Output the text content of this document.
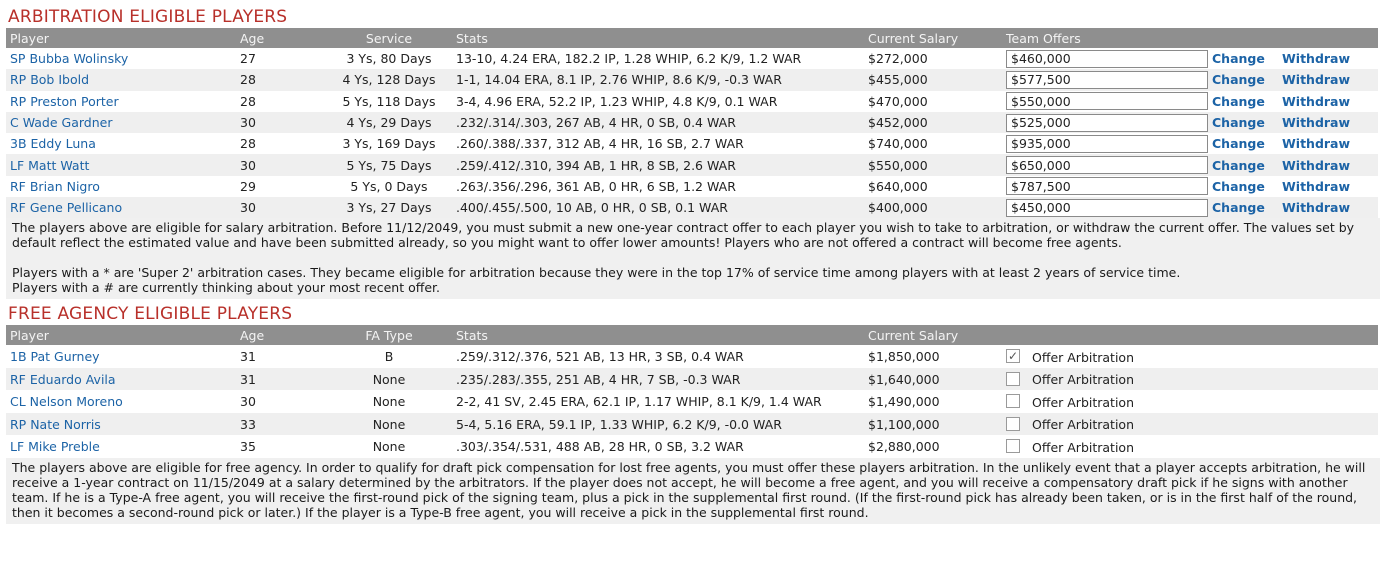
ARBITRATION ELIGIBLE PLAYERS
Player	Age	Service	Stats	Current Salary	Team Offers		
SP Bubba Wolinsky	27	3 Ys, 80 Days	13-10, 4.24 ERA, 182.2 IP, 1.28 WHIP, 6.2 K/9, 1.2 WAR	$272,000	$460,000	Change	Withdraw
RP Bob Ibold	28	4 Ys, 128 Days	1-1, 14.04 ERA, 8.1 IP, 2.76 WHIP, 8.6 K/9, -0.3 WAR	$455,000	$577,500	Change	Withdraw
RP Preston Porter	28	5 Ys, 118 Days	3-4, 4.96 ERA, 52.2 IP, 1.23 WHIP, 4.8 K/9, 0.1 WAR	$470,000	$550,000	Change	Withdraw
C Wade Gardner	30	4 Ys, 29 Days	.232/.314/.303, 267 AB, 4 HR, 0 SB, 0.4 WAR	$452,000	$525,000	Change	Withdraw
3B Eddy Luna	28	3 Ys, 169 Days	.260/.388/.337, 312 AB, 4 HR, 16 SB, 2.7 WAR	$740,000	$935,000	Change	Withdraw
LF Matt Watt	30	5 Ys, 75 Days	.259/.412/.310, 394 AB, 1 HR, 8 SB, 2.6 WAR	$550,000	$650,000	Change	Withdraw
RF Brian Nigro	29	5 Ys, 0 Days	.263/.356/.296, 361 AB, 0 HR, 6 SB, 1.2 WAR	$640,000	$787,500	Change	Withdraw
RF Gene Pellicano	30	3 Ys, 27 Days	.400/.455/.500, 10 AB, 0 HR, 0 SB, 0.1 WAR	$400,000	$450,000	Change	Withdraw

The players above are eligible for salary arbitration. Before 11/12/2049, you must submit a new one-year contract offer to each player you wish to take to arbitration, or withdraw the current offer. The values set by default reflect the estimated value and have been submitted already, so you might want to offer lower amounts! Players who are not offered a contract will become free agents.

Players with a * are 'Super 2' arbitration cases. They became eligible for arbitration because they were in the top 17% of service time among players with at least 2 years of service time.

Players with a # are currently thinking about your most recent offer.

FREE AGENCY ELIGIBLE PLAYERS
Player	Age	FA Type	Stats	Current Salary	
1B Pat Gurney	31	B	.259/.312/.376, 521 AB, 13 HR, 3 SB, 0.4 WAR	$1,850,000	✓ Offer Arbitration
RF Eduardo Avila	31	None	.235/.283/.355, 251 AB, 4 HR, 7 SB, -0.3 WAR	$1,640,000	Offer Arbitration
CL Nelson Moreno	30	None	2-2, 41 SV, 2.45 ERA, 62.1 IP, 1.17 WHIP, 8.1 K/9, 1.4 WAR	$1,490,000	Offer Arbitration
RP Nate Norris	33	None	5-4, 5.16 ERA, 59.1 IP, 1.33 WHIP, 6.2 K/9, -0.0 WAR	$1,100,000	Offer Arbitration
LF Mike Preble	35	None	.303/.354/.531, 488 AB, 28 HR, 0 SB, 3.2 WAR	$2,880,000	Offer Arbitration

The players above are eligible for free agency. In order to qualify for draft pick compensation for lost free agents, you must offer these players arbitration. In the unlikely event that a player accepts arbitration, he will receive a 1-year contract on 11/15/2049 at a salary determined by the arbitrators. If the player does not accept, he will become a free agent, and you will receive a compensatory draft pick if he signs with another team. If he is a Type-A free agent, you will receive the first-round pick of the signing team, plus a pick in the supplemental first round. (If the first-round pick has already been taken, or is in the first half of the round, then it becomes a second-round pick or later.) If the player is a Type-B free agent, you will receive a pick in the supplemental first round.
